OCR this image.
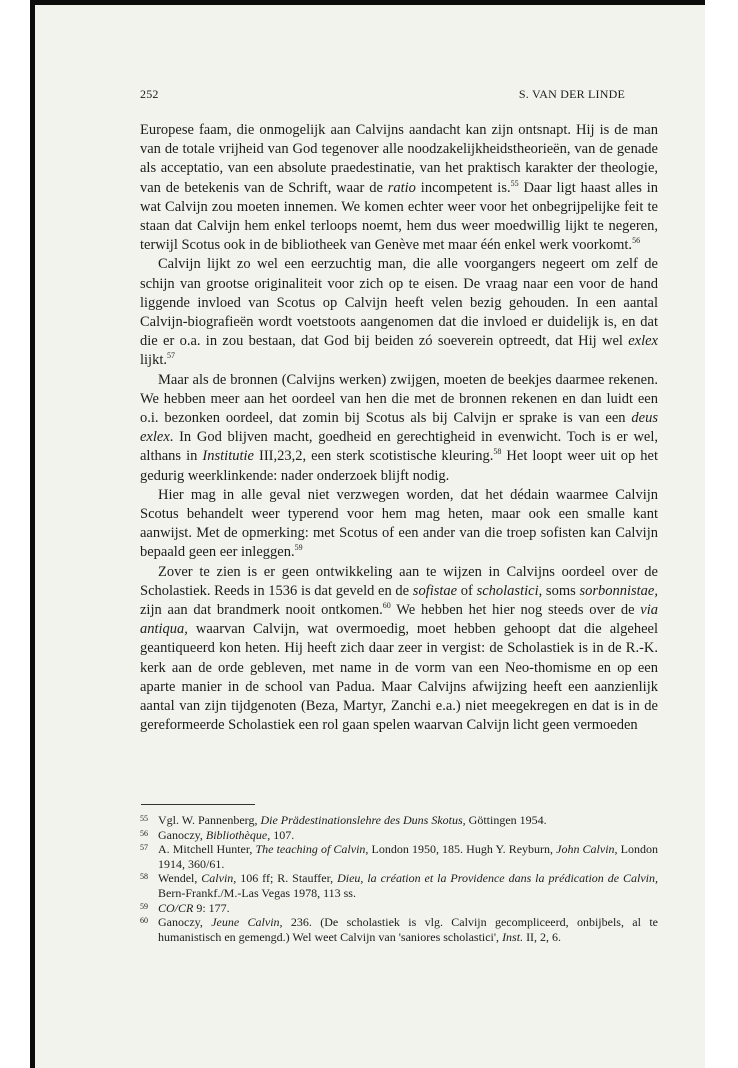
252	S. VAN DER LINDE

Europese faam, die onmogelijk aan Calvijns aandacht kan zijn ontsnapt. Hij is de man van de totale vrijheid van God tegenover alle noodzakelijkheidstheorieën, van de genade als acceptatio, van een absolute praedestinatie, van het praktisch karakter der theologie, van de betekenis van de Schrift, waar de ratio incompetent is.$^{55}$ Daar ligt haast alles in wat Calvijn zou moeten innemen. We komen echter weer voor het onbegrijpelijke feit te staan dat Calvijn hem enkel terloops noemt, hem dus weer moedwillig lijkt te negeren, terwijl Scotus ook in de bibliotheek van Genève met maar één enkel werk voorkomt.$^{56}$

Calvijn lijkt zo wel een eerzuchtig man, die alle voorgangers negeert om zelf de schijn van grootse originaliteit voor zich op te eisen. De vraag naar een voor de hand liggende invloed van Scotus op Calvijn heeft velen bezig gehouden. In een aantal Calvijn-biografieën wordt voetstoots aangenomen dat die invloed er duidelijk is, en dat die er o.a. in zou bestaan, dat God bij beiden zó soeverein optreedt, dat Hij wel exlex lijkt.$^{57}$

Maar als de bronnen (Calvijns werken) zwijgen, moeten de beekjes daarmee rekenen. We hebben meer aan het oordeel van hen die met de bronnen rekenen en dan luidt een o.i. bezonken oordeel, dat zomin bij Scotus als bij Calvijn er sprake is van een deus exlex. In God blijven macht, goedheid en gerechtigheid in evenwicht. Toch is er wel, althans in Institutie III,23,2, een sterk scotistische kleuring.$^{58}$ Het loopt weer uit op het gedurig weerklinkende: nader onderzoek blijft nodig.

Hier mag in alle geval niet verzwegen worden, dat het dédain waarmee Calvijn Scotus behandelt weer typerend voor hem mag heten, maar ook een smalle kant aanwijst. Met de opmerking: met Scotus of een ander van die troep sofisten kan Calvijn bepaald geen eer inleggen.$^{59}$

Zover te zien is er geen ontwikkeling aan te wijzen in Calvijns oordeel over de Scholastiek. Reeds in 1536 is dat geveld en de sofistae of scholastici, soms sorbonnistae, zijn aan dat brandmerk nooit ontkomen.$^{60}$ We hebben het hier nog steeds over de via antiqua, waarvan Calvijn, wat overmoedig, moet hebben gehoopt dat die algeheel geantiqueerd kon heten. Hij heeft zich daar zeer in vergist: de Scholastiek is in de R.-K. kerk aan de orde gebleven, met name in de vorm van een Neo-thomisme en op een aparte manier in de school van Padua. Maar Calvijns afwijzing heeft een aanzienlijk aantal van zijn tijdgenoten (Beza, Martyr, Zanchi e.a.) niet meegekregen en dat is in de gereformeerde Scholastiek een rol gaan spelen waarvan Calvijn licht geen vermoeden

55 Vgl. W. Pannenberg, Die Prädestinationslehre des Duns Skotus, Göttingen 1954.

56 Ganoczy, Bibliothèque, 107.

57 A. Mitchell Hunter, The teaching of Calvin, London 1950, 185. Hugh Y. Reyburn, John Calvin, London 1914, 360/61.

58 Wendel, Calvin, 106 ff; R. Stauffer, Dieu, la création et la Providence dans la prédication de Calvin, Bern-Frankf./M.-Las Vegas 1978, 113 ss.

59 CO/CR 9: 177.

60 Ganoczy, Jeune Calvin, 236. (De scholastiek is vlg. Calvijn gecompliceerd, onbijbels, al te humanistisch en gemengd.) Wel weet Calvijn van 'saniores scholastici', Inst. II, 2, 6.
